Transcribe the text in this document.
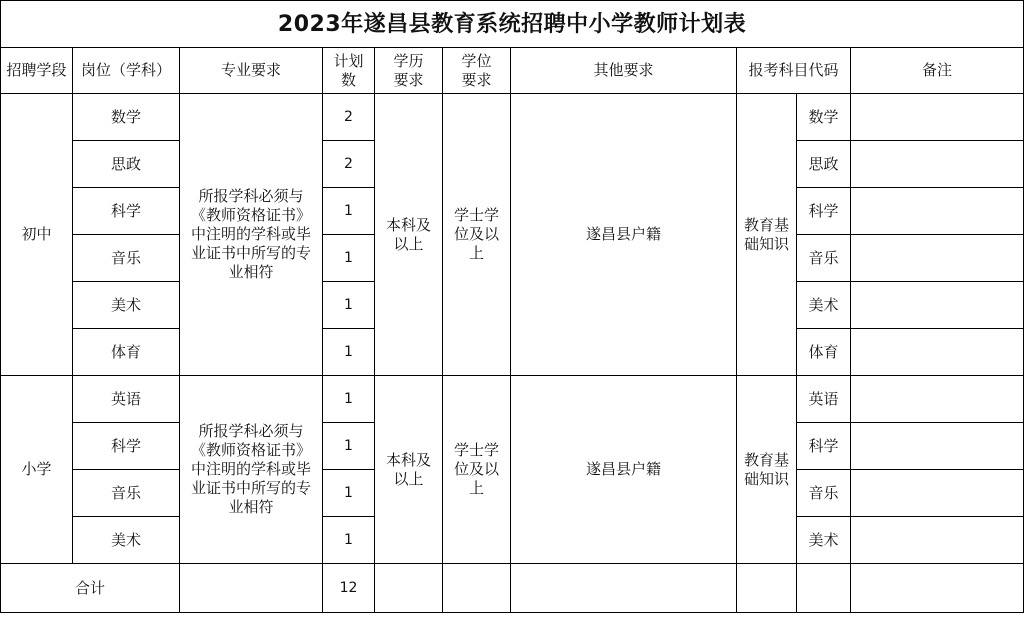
2023年遂昌县教育系统招聘中小学教师计划表									
招聘学段	岗位（学科）	专业要求	计划数	学历要求	学位要求	其他要求	报考科目代码		备注
初中	数学	所报学科必须与《教师资格证书》中注明的学科或毕业证书中所写的专业相符	2	本科及以上	学士学位及以上	遂昌县户籍	教育基础知识	数学	
	思政		2					思政	
	科学		1					科学	
	音乐		1					音乐	
	美术		1					美术	
	体育		1					体育	
小学	英语	所报学科必须与《教师资格证书》中注明的学科或毕业证书中所写的专业相符	1	本科及以上	学士学位及以上	遂昌县户籍	教育基础知识	英语	
	科学		1					科学	
	音乐		1					音乐	
	美术		1					美术	
合计			12						
